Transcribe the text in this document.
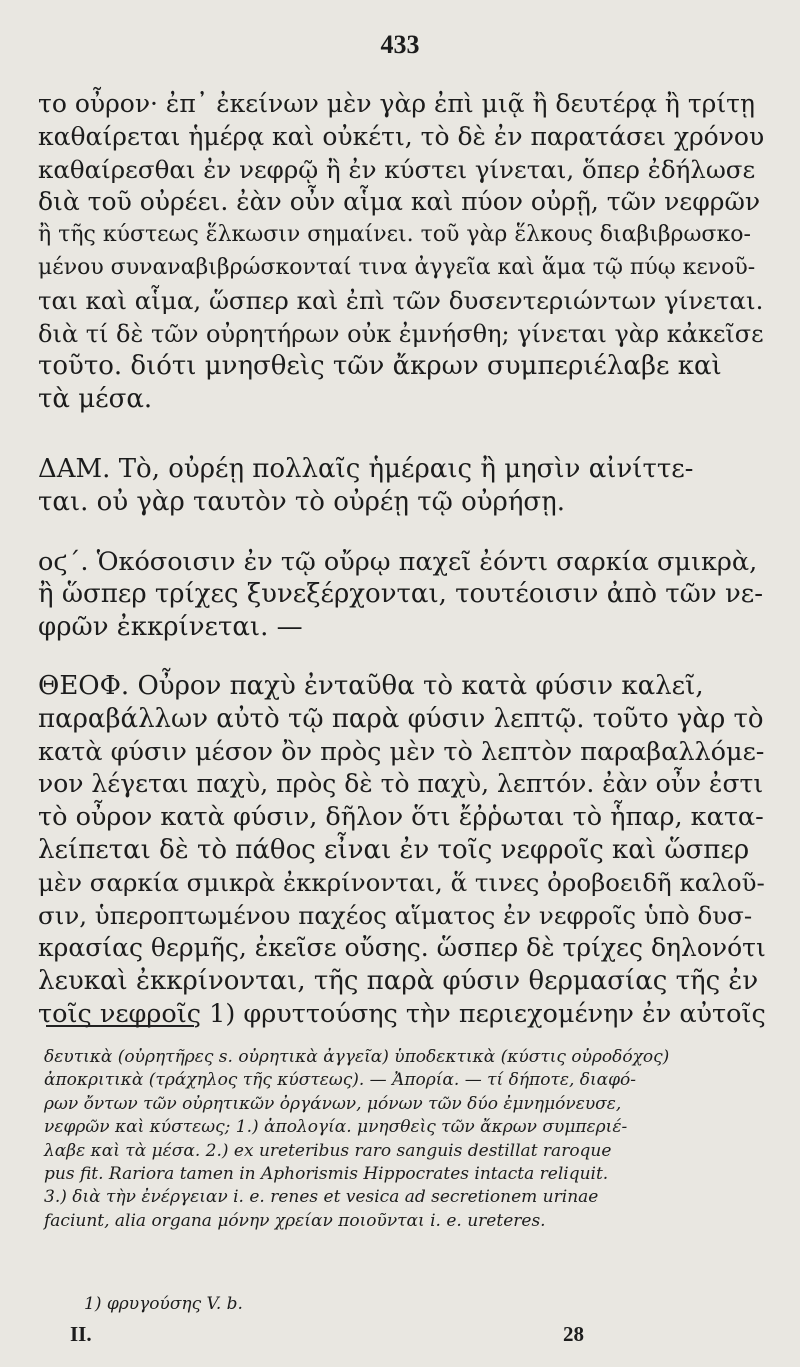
433
το οὖρον· ἐπ᾽ ἐκείνων μὲν γὰρ ἐπὶ μιᾷ ἢ δευτέρᾳ ἢ τρίτῃ
καθαίρεται ἡμέρᾳ καὶ οὐκέτι, τὸ δὲ ἐν παρατάσει χρόνου
καθαίρεσθαι ἐν νεφρῷ ἢ ἐν κύστει γίνεται, ὅπερ ἐδήλωσε
διὰ τοῦ οὐρέει. ἐὰν οὖν αἷμα καὶ πύον οὐρῇ, τῶν νεφρῶν
ἢ τῆς κύστεως ἕλκωσιν σημαίνει. τοῦ γὰρ ἕλκους διαβιβρωσκο-
μένου συναναβιβρώσκονταί τινα ἀγγεῖα καὶ ἅμα τῷ πύῳ κενοῦ-
ται καὶ αἷμα, ὥσπερ καὶ ἐπὶ τῶν δυσεντεριώντων γίνεται.
διὰ τί δὲ τῶν οὐρητήρων οὐκ ἐμνήσθη; γίνεται γὰρ κἀκεῖσε
τοῦτο. διότι μνησθεὶς τῶν ἄκρων συμπεριέλαβε καὶ
τὰ μέσα.
ΔΑΜ. Τὸ, οὐρέῃ πολλαῖς ἡμέραις ἢ μησὶν αἰνίττε-
ται. οὐ γὰρ ταυτὸν τὸ οὐρέῃ τῷ οὐρήσῃ.
οϛ΄. Ὁκόσοισιν ἐν τῷ οὔρῳ παχεῖ ἐόντι σαρκία σμικρὰ,
ἢ ὥσπερ τρίχες ξυνεξέρχονται, τουτέοισιν ἀπὸ τῶν νε-
φρῶν ἐκκρίνεται. —
ΘΕΟΦ. Οὖρον παχὺ ἐνταῦθα τὸ κατὰ φύσιν καλεῖ,
παραβάλλων αὐτὸ τῷ παρὰ φύσιν λεπτῷ. τοῦτο γὰρ τὸ
κατὰ φύσιν μέσον ὂν πρὸς μὲν τὸ λεπτὸν παραβαλλόμε-
νον λέγεται παχὺ, πρὸς δὲ τὸ παχὺ, λεπτόν. ἐὰν οὖν ἐστι
τὸ οὖρον κατὰ φύσιν, δῆλον ὅτι ἔῤῥωται τὸ ἧπαρ, κατα-
λείπεται δὲ τὸ πάθος εἶναι ἐν τοῖς νεφροῖς καὶ ὥσπερ
μὲν σαρκία σμικρὰ ἐκκρίνονται, ἅ τινες ὀροβοειδῆ καλοῦ-
σιν, ὑπεροπτωμένου παχέος αἵματος ἐν νεφροῖς ὑπὸ δυσ-
κρασίας θερμῆς, ἐκεῖσε οὔσης. ὥσπερ δὲ τρίχες δηλονότι
λευκαὶ ἐκκρίνονται, τῆς παρὰ φύσιν θερμασίας τῆς ἐν
τοῖς νεφροῖς 1) φρυττούσης τὴν περιεχομένην ἐν αὐτοῖς
δευτικὰ (οὐρητῆρες s. οὐρητικὰ ἀγγεῖα) ὑποδεκτικὰ (κύστις οὐροδόχος)
ἀποκριτικὰ (τράχηλος τῆς κύστεως). — Ἀπορία. — τί δήποτε, διαφό-
ρων ὄντων τῶν οὐρητικῶν ὀργάνων, μόνων τῶν δύο ἐμνημόνευσε,
νεφρῶν καὶ κύστεως; 1.) ἀπολογία. μνησθεὶς τῶν ἄκρων συμπεριέ-
λαβε καὶ τὰ μέσα. 2.) ex ureteribus raro sanguis destillat raroque
pus fit. Rariora tamen in Aphorismis Hippocrates intacta reliquit.
3.) διὰ τὴν ἐνέργειαν i. e. renes et vesica ad secretionem urinae
faciunt, alia organa μόνην χρείαν ποιοῦνται i. e. ureteres.
1) φρυγούσης V. b.
II.	28
